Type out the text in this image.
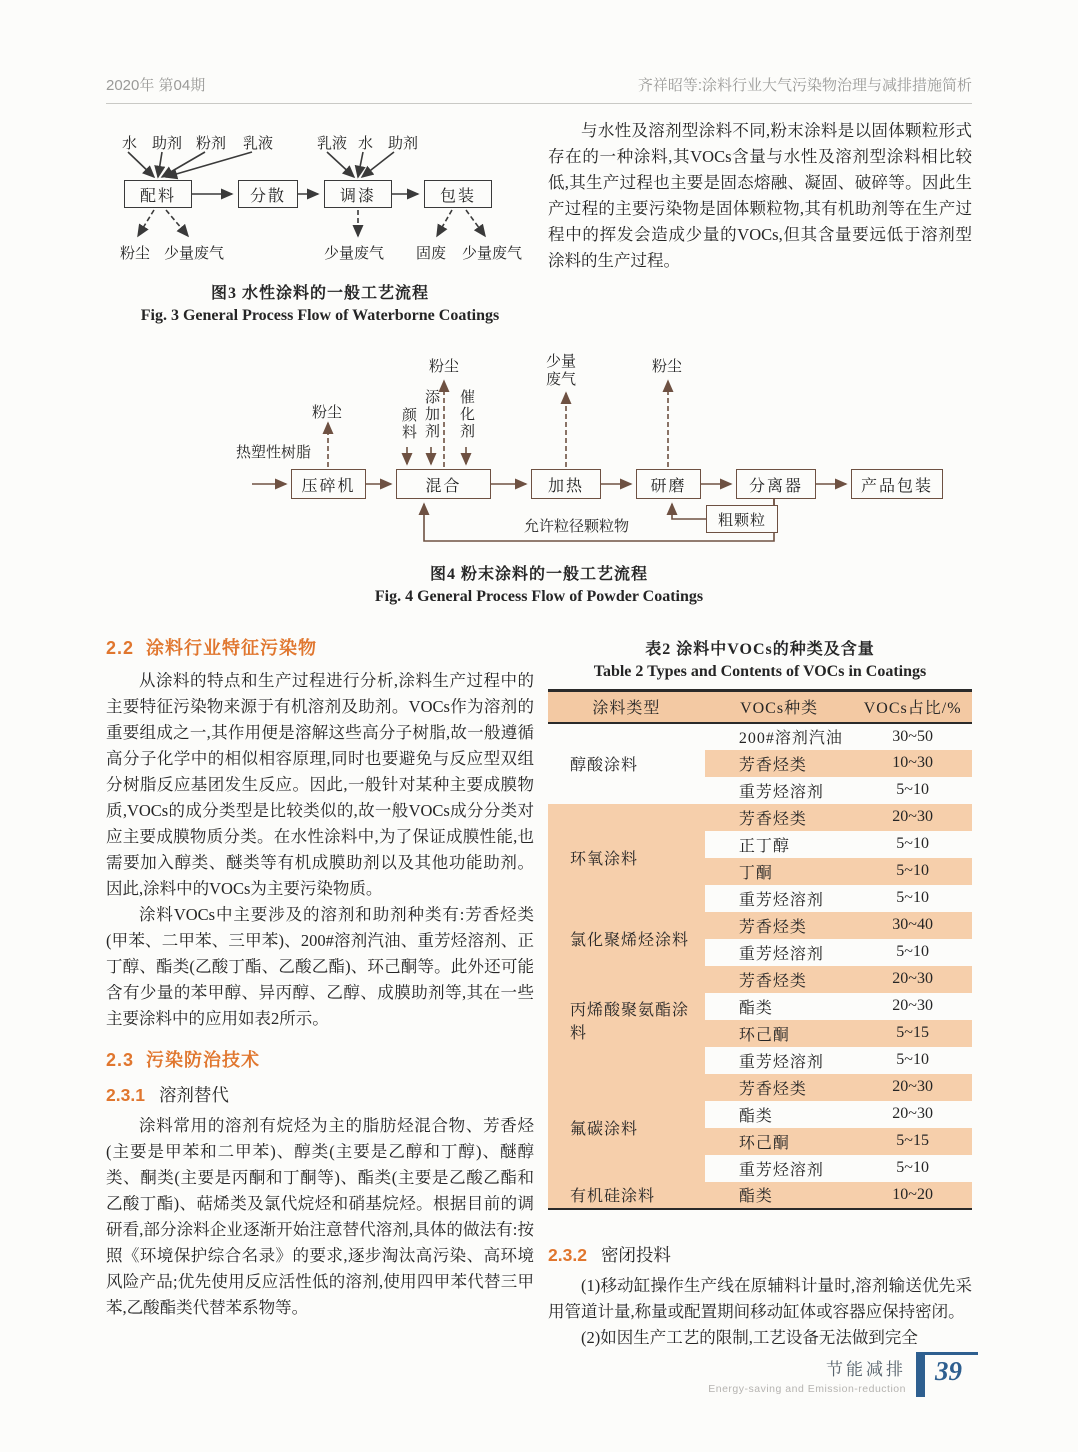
2020年 第04期	齐祥昭等:涂料行业大气污染物治理与减排措施简析
水 助剂 粉剂 乳液	乳液 水 助剂
配料	分散	调漆	包装
粉尘 少量废气	少量废气 固废 少量废气
图3 水性涂料的一般工艺流程
Fig. 3 General Process Flow of Waterborne Coatings

与水性及溶剂型涂料不同,粉末涂料是以固体颗粒形式存在的一种涂料,其VOCs含量与水性及溶剂型涂料相比较低,其生产过程也主要是固态熔融、凝固、破碎等。因此生产过程的主要污染物是固体颗粒物,其有机助剂等在生产过程中的挥发会造成少量的VOCs,但其含量要远低于溶剂型涂料的生产过程。

热塑性树脂
粉尘
粉尘	少量废气
粉尘
颜料 添加剂 催化剂
压碎机	混合	加热	研磨	分离器	产品包装
粗颗粒
允许粒径颗粒物
图4 粉末涂料的一般工艺流程
Fig. 4 General Process Flow of Powder Coatings
2.2 涂料行业特征污染物

从涂料的特点和生产过程进行分析,涂料生产过程中的主要特征污染物来源于有机溶剂及助剂。VOCs作为溶剂的重要组成之一,其作用便是溶解这些高分子树脂,故一般遵循高分子化学中的相似相容原理,同时也要避免与反应型双组分树脂反应基团发生反应。因此,一般针对某种主要成膜物质,VOCs的成分类型是比较类似的,故一般VOCs成分分类对应主要成膜物质分类。在水性涂料中,为了保证成膜性能,也需要加入醇类、醚类等有机成膜助剂以及其他功能助剂。因此,涂料中的VOCs为主要污染物质。

涂料VOCs中主要涉及的溶剂和助剂种类有:芳香烃类(甲苯、二甲苯、三甲苯)、200#溶剂汽油、重芳烃溶剂、正丁醇、酯类(乙酸丁酯、乙酸乙酯)、环己酮等。此外还可能含有少量的苯甲醇、异丙醇、乙醇、成膜助剂等,其在一些主要涂料中的应用如表2所示。

2.3 污染防治技术
2.3.1 溶剂替代

涂料常用的溶剂有烷烃为主的脂肪烃混合物、芳香烃(主要是甲苯和二甲苯)、醇类(主要是乙醇和丁醇)、醚醇类、酮类(主要是丙酮和丁酮等)、酯类(主要是乙酸乙酯和乙酸丁酯)、萜烯类及氯代烷烃和硝基烷烃。根据目前的调研看,部分涂料企业逐渐开始注意替代溶剂,具体的做法有:按照《环境保护综合名录》的要求,逐步淘汰高污染、高环境风险产品;优先使用反应活性低的溶剂,使用四甲苯代替三甲苯,乙酸酯类代替苯系物等。

表2 涂料中VOCs的种类及含量
Table 2 Types and Contents of VOCs in Coatings
涂料类型	VOCs种类	VOCs占比/%
醇酸涂料	200#溶剂汽油	30~50
	芳香烃类	10~30
	重芳烃溶剂	5~10
环氧涂料	芳香烃类	20~30
	正丁醇	5~10
	丁酮	5~10
	重芳烃溶剂	5~10
氯化聚烯烃涂料	芳香烃类	30~40
	重芳烃溶剂	5~10
丙烯酸聚氨酯涂料	芳香烃类	20~30
	酯类	20~30
	环己酮	5~15
	重芳烃溶剂	5~10
氟碳涂料	芳香烃类	20~30
	酯类	20~30
	环己酮	5~15
	重芳烃溶剂	5~10
有机硅涂料	酯类	10~20
2.3.2 密闭投料

(1)移动缸操作生产线在原辅料计量时,溶剂输送优先采用管道计量,称量或配置期间移动缸体或容器应保持密闭。

(2)如因生产工艺的限制,工艺设备无法做到完全

节能减排
Energy-saving and Emission-reduction
39
